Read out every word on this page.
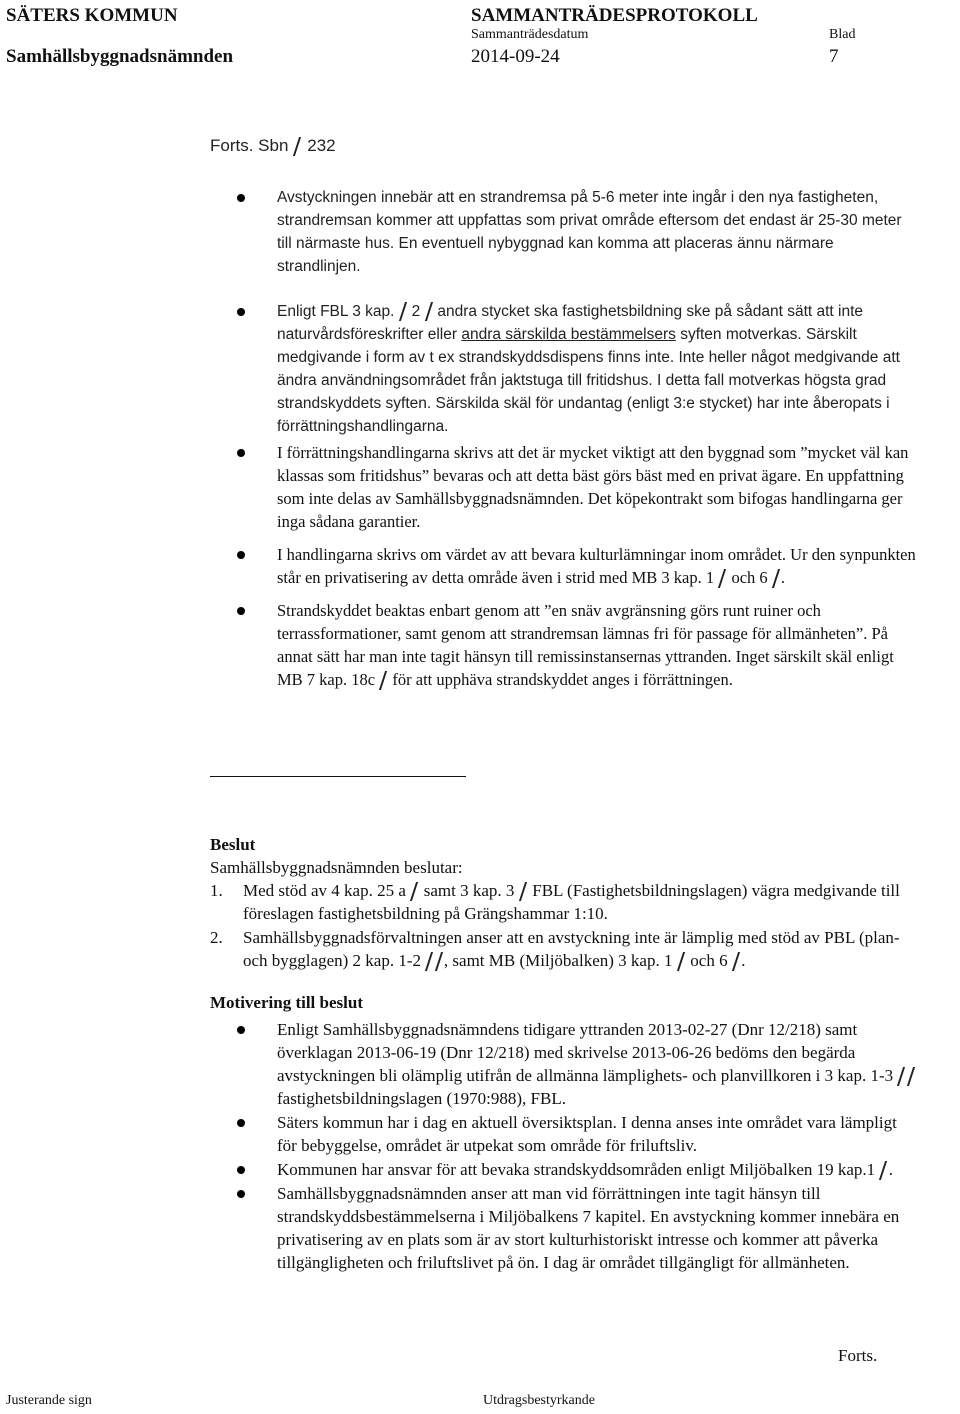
SÄTERS KOMMUN
Samhällsbyggnadsnämnden
SAMMANTRÄDESPROTOKOLL
Sammanträdesdatum
2014-09-24
Blad
7
Forts. Sbn 232
Avstyckningen innebär att en strandremsa på 5-6 meter inte ingår i den nya fastigheten, strandremsan kommer att uppfattas som privat område eftersom det endast är 25-30 meter till närmaste hus. En eventuell nybyggnad kan komma att placeras ännu närmare strandlinjen.
Enligt FBL 3 kap. 2 andra stycket ska fastighetsbildning ske på sådant sätt att inte naturvårdsföreskrifter eller andra särskilda bestämmelsers syften motverkas. Särskilt medgivande i form av t ex strandskyddsdispens finns inte. Inte heller något medgivande att ändra användningsområdet från jaktstuga till fritidshus. I detta fall motverkas högsta grad strandskyddets syften. Särskilda skäl för undantag (enligt 3:e stycket) har inte åberopats i förrättningshandlingarna.
I förrättningshandlingarna skrivs att det är mycket viktigt att den byggnad som ”mycket väl kan klassas som fritidshus” bevaras och att detta bäst görs bäst med en privat ägare. En uppfattning som inte delas av Samhällsbyggnadsnämnden. Det köpekontrakt som bifogas handlingarna ger inga sådana garantier.
I handlingarna skrivs om värdet av att bevara kulturlämningar inom området. Ur den synpunkten står en privatisering av detta område även i strid med MB 3 kap. 1 och 6 .
Strandskyddet beaktas enbart genom att ”en snäv avgränsning görs runt ruiner och terrassformationer, samt genom att strandremsan lämnas fri för passage för allmänheten”. På annat sätt har man inte tagit hänsyn till remissinstansernas yttranden. Inget särskilt skäl enligt MB 7 kap. 18c för att upphäva strandskyddet anges i förrättningen.
Beslut
Samhällsbyggnadsnämnden beslutar:
1. Med stöd av 4 kap. 25 a samt 3 kap. 3 FBL (Fastighetsbildningslagen) vägra medgivande till föreslagen fastighetsbildning på Grängshammar 1:10.
2. Samhällsbyggnadsförvaltningen anser att en avstyckning inte är lämplig med stöd av PBL (plan- och bygglagen) 2 kap. 1-2 , samt MB (Miljöbalken) 3 kap. 1 och 6 .
Motivering till beslut
Enligt Samhällsbyggnadsnämndens tidigare yttranden 2013-02-27 (Dnr 12/218) samt överklagan 2013-06-19 (Dnr 12/218) med skrivelse 2013-06-26 bedöms den begärda avstyckningen bli olämplig utifrån de allmänna lämplighets- och planvillkoren i 3 kap. 1-3  fastighetsbildningslagen (1970:988), FBL.
Säters kommun har i dag en aktuell översiktsplan. I denna anses inte området vara lämpligt för bebyggelse, området är utpekat som område för friluftsliv.
Kommunen har ansvar för att bevaka strandskyddsområden enligt Miljöbalken 19 kap.1 .
Samhällsbyggnadsnämnden anser att man vid förrättningen inte tagit hänsyn till strandskyddsbestämmelserna i Miljöbalkens 7 kapitel. En avstyckning kommer innebära en privatisering av en plats som är av stort kulturhistoriskt intresse och kommer att påverka tillgängligheten och friluftslivet på ön. I dag är området tillgängligt för allmänheten.
Forts.
Justerande sign	Utdragsbestyrkande
